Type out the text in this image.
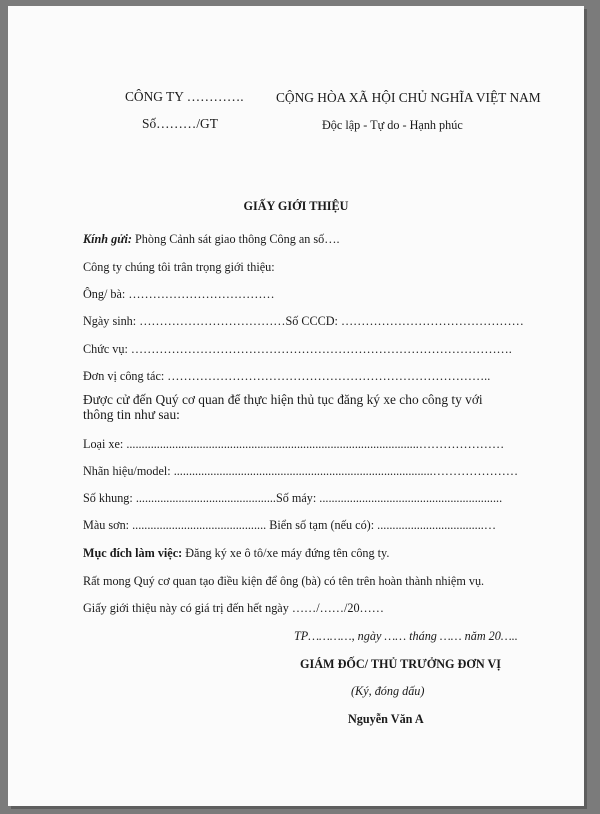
CÔNG TY …………. CỘNG HÒA XÃ HỘI CHỦ NGHĨA VIỆT NAM
Số………/GT	Độc lập - Tự do - Hạnh phúc
GIẤY GIỚI THIỆU
Kính gửi: Phòng Cảnh sát giao thông Công an số….
Công ty chúng tôi trân trọng giới thiệu:
Ông/ bà: ………………………………
Ngày sinh: ………………………………Số CCCD: ………………………………………
Chức vụ: ………………………………………………………………………………….
Đơn vị công tác: ……………………………………………………………………..
Được cử đến Quý cơ quan để thực hiện thủ tục đăng ký xe cho công ty với
thông tin như sau:
Loại xe: ................................................................................................…………………
Nhãn hiệu/model: .....................................................................................…………………
Số khung: ..............................................Số máy: ............................................................
Màu sơn: ............................................ Biển số tạm (nếu có): ...................................…
Mục đích làm việc: Đăng ký xe ô tô/xe máy đứng tên công ty.
Rất mong Quý cơ quan tạo điều kiện để ông (bà) có tên trên hoàn thành nhiệm vụ.
Giấy giới thiệu này có giá trị đến hết ngày ……/……/20……
TP…………, ngày …… tháng …… năm 20…..
GIÁM ĐỐC/ THỦ TRƯỞNG ĐƠN VỊ
(Ký, đóng dấu)
Nguyễn Văn A
